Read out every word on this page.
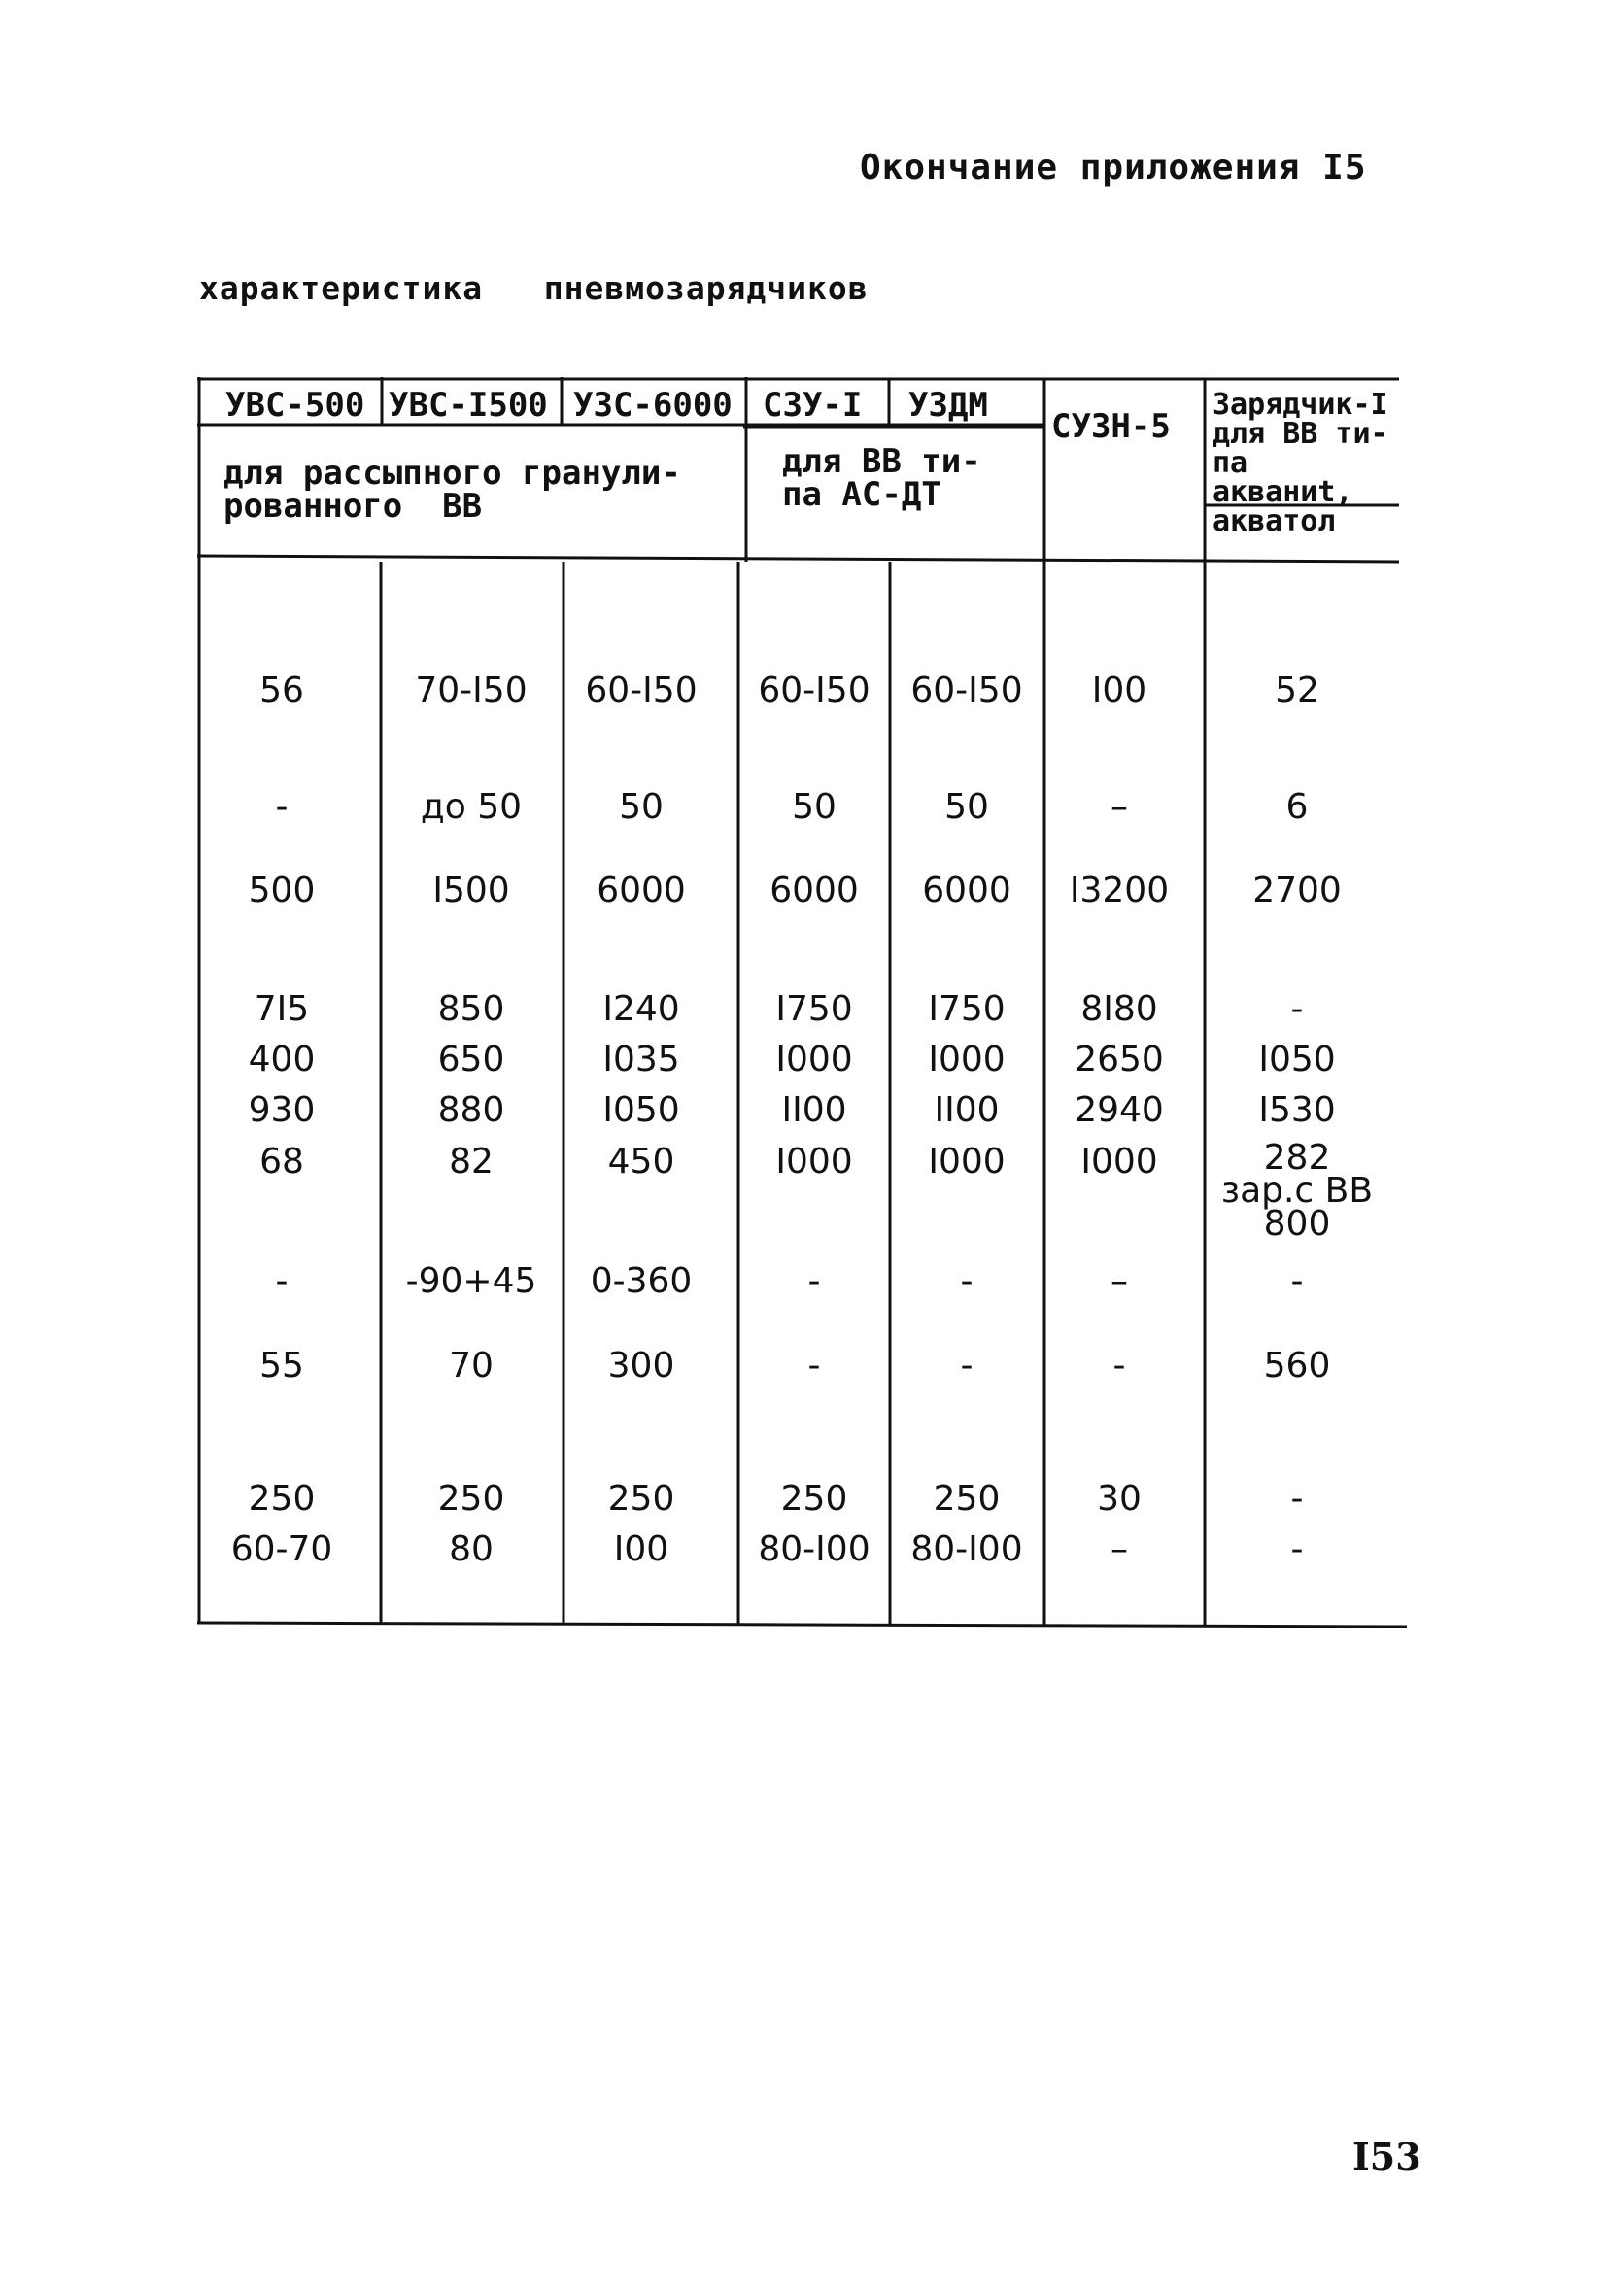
Окончание приложения I5
характеристика   пневмозарядчиков
УВС-500 УВС-I500 УЗС-6000 СЗУ-I УЗДМ
СУЗН-5
Зарядчик-I
для рассыпного гранули-
рованного  ВВ
для ВВ ти-
па АС-ДТ
для ВВ ти-
па
акваниt,
акватол
56	70-I50	60-I50	60-I50	60-I50	I00	52
-	до 50	50	50	50	–	6
500	I500	6000	6000	6000	I3200	2700
7I5	850	I240	I750	I750	8I80	-
400	650	I035	I000	I000	2650	I050
930	880	I050	II00	II00	2940	I530
68	82	450	I000	I000	I000	282
зар.с ВВ
800
-	-90+45	0-360	-	-	–	-
55	70	300	-	-	-	560
250	250	250	250	250	30	-
60-70	80	I00	80-I00	80-I00	–	-
I53
